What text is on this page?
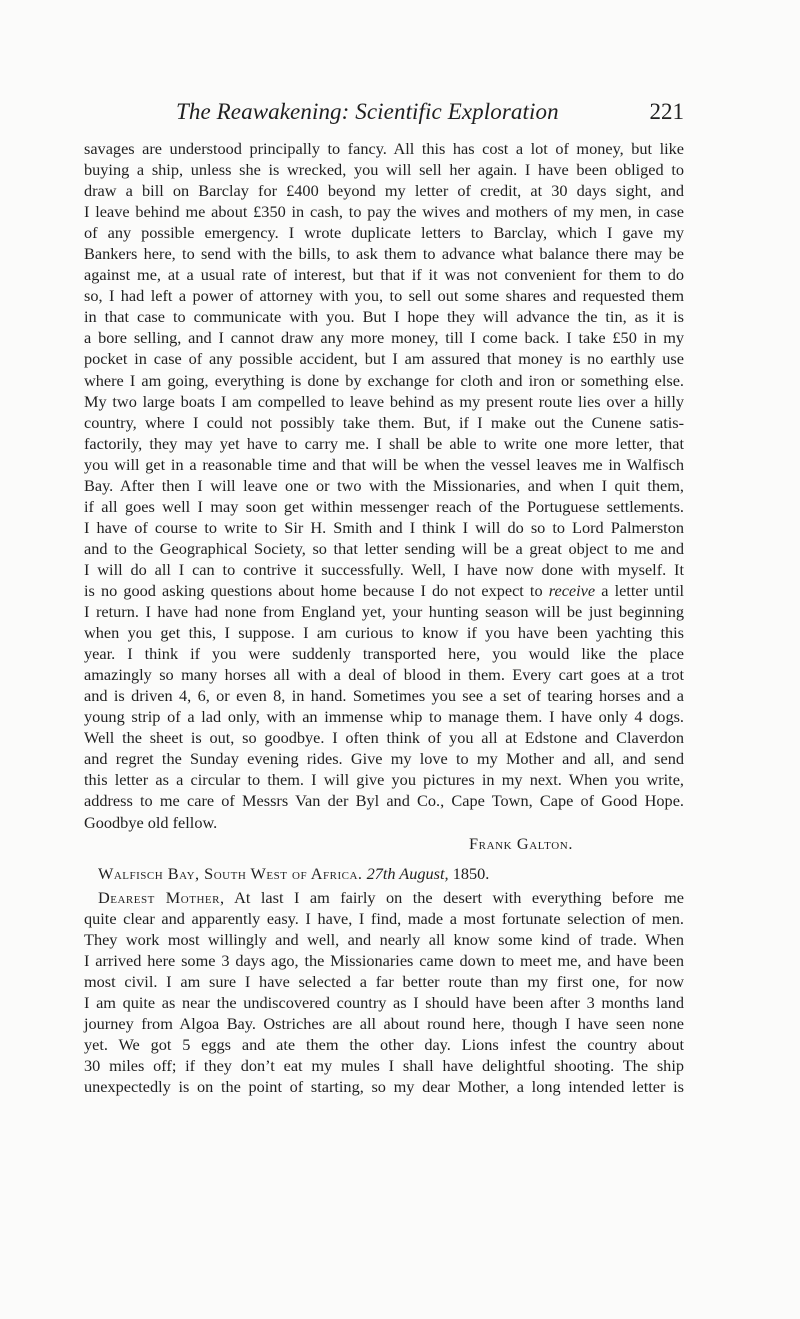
The Reawakening: Scientific Exploration	221
savages are understood principally to fancy. All this has cost a lot of money, but like
buying a ship, unless she is wrecked, you will sell her again. I have been obliged to
draw a bill on Barclay for £400 beyond my letter of credit, at 30 days sight, and
I leave behind me about £350 in cash, to pay the wives and mothers of my men, in case
of any possible emergency. I wrote duplicate letters to Barclay, which I gave my
Bankers here, to send with the bills, to ask them to advance what balance there may be
against me, at a usual rate of interest, but that if it was not convenient for them to do
so, I had left a power of attorney with you, to sell out some shares and requested them
in that case to communicate with you. But I hope they will advance the tin, as it is
a bore selling, and I cannot draw any more money, till I come back. I take £50 in my
pocket in case of any possible accident, but I am assured that money is no earthly use
where I am going, everything is done by exchange for cloth and iron or something else.
My two large boats I am compelled to leave behind as my present route lies over a hilly
country, where I could not possibly take them. But, if I make out the Cunene satis-
factorily, they may yet have to carry me. I shall be able to write one more letter, that
you will get in a reasonable time and that will be when the vessel leaves me in Walfisch
Bay. After then I will leave one or two with the Missionaries, and when I quit them,
if all goes well I may soon get within messenger reach of the Portuguese settlements.
I have of course to write to Sir H. Smith and I think I will do so to Lord Palmerston
and to the Geographical Society, so that letter sending will be a great object to me and
I will do all I can to contrive it successfully. Well, I have now done with myself. It
is no good asking questions about home because I do not expect to receive a letter until
I return. I have had none from England yet, your hunting season will be just beginning
when you get this, I suppose. I am curious to know if you have been yachting this
year. I think if you were suddenly transported here, you would like the place
amazingly so many horses all with a deal of blood in them. Every cart goes at a trot
and is driven 4, 6, or even 8, in hand. Sometimes you see a set of tearing horses and a
young strip of a lad only, with an immense whip to manage them. I have only 4 dogs.
Well the sheet is out, so goodbye. I often think of you all at Edstone and Claverdon
and regret the Sunday evening rides. Give my love to my Mother and all, and send
this letter as a circular to them. I will give you pictures in my next. When you write,
address to me care of Messrs Van der Byl and Co., Cape Town, Cape of Good Hope.
Goodbye old fellow.
Frank Galton.
Walfisch Bay, South West of Africa. 27th August, 1850.
Dearest Mother, At last I am fairly on the desert with everything before me
quite clear and apparently easy. I have, I find, made a most fortunate selection of men.
They work most willingly and well, and nearly all know some kind of trade. When
I arrived here some 3 days ago, the Missionaries came down to meet me, and have been
most civil. I am sure I have selected a far better route than my first one, for now
I am quite as near the undiscovered country as I should have been after 3 months land
journey from Algoa Bay. Ostriches are all about round here, though I have seen none
yet. We got 5 eggs and ate them the other day. Lions infest the country about
30 miles off; if they don’t eat my mules I shall have delightful shooting. The ship
unexpectedly is on the point of starting, so my dear Mother, a long intended letter is
